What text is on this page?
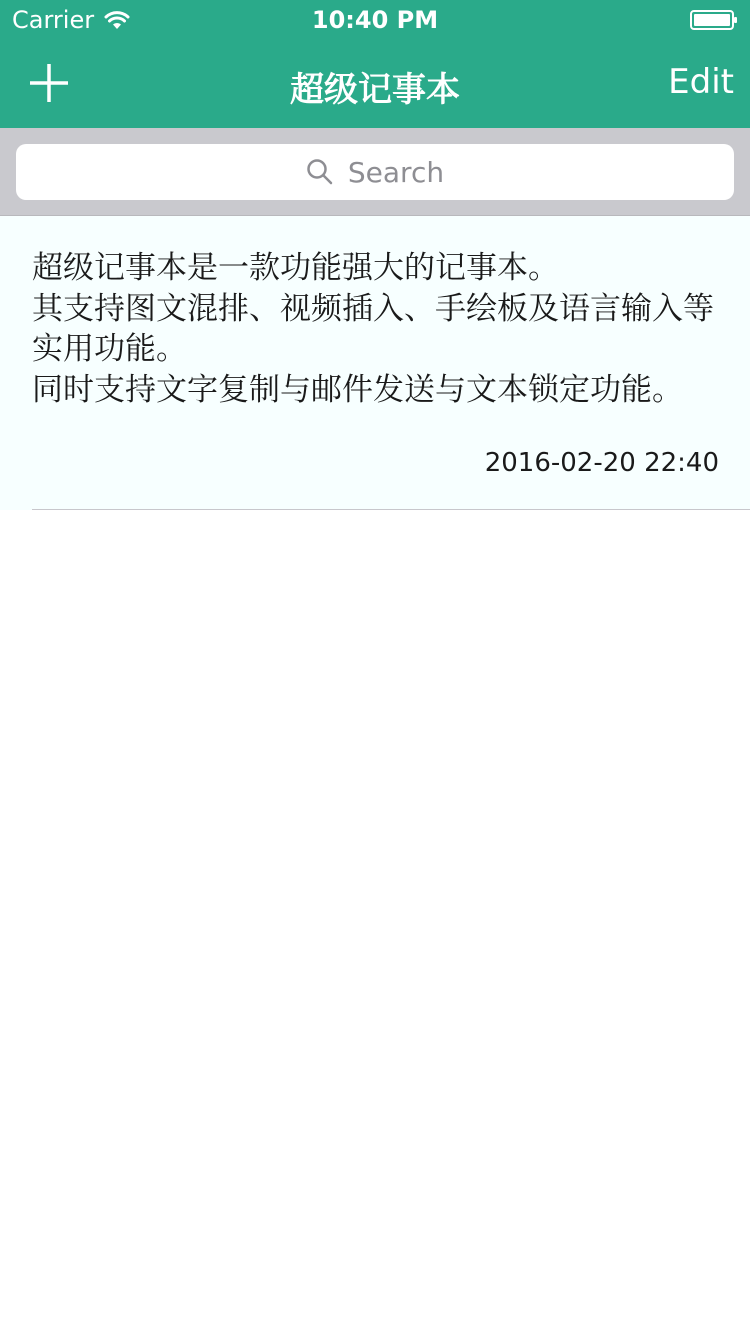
Carrier	10:40 PM
超级记事本	Edit
Search
超级记事本是一款功能强大的记事本。
其支持图文混排、视频插入、手绘板及语言输入等实用功能。
同时支持文字复制与邮件发送与文本锁定功能。
2016-02-20 22:40
